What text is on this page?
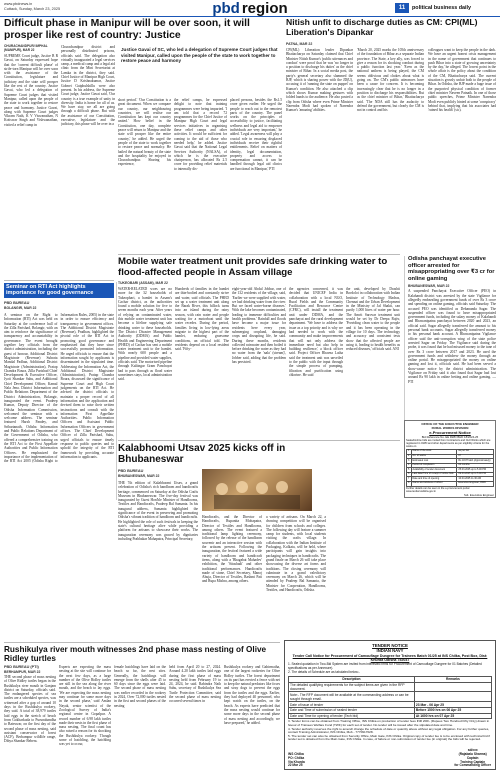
www.pbdnews.in
Cuttack, Sunday, March 23, 2025	pbd region	11	political business daily
Difficult phase in Manipur will be over soon, it will prosper like rest of country: Justice
CHURACHANDPUR/ IMPHAL (MANIPUR), MAR 22
SUPREME Court judge, Justice B R Gavai, on Saturday expressed hope that the 'current difficult phase' of strife-torn Manipur will be over soon with the assistance of the Constitution, legislature and judiciary and the state will prosper like the rest of the country. Justice Gavai, who led a delegation of Supreme Court judges that visited Manipur, called upon the people of the state to work together to restore peace and harmony. Justice Gavai, along with Supreme Court judges Vikram Nath, K V Viswanathan, N Kotiswar Singh and Vishwanathan, visited a relief camp in
Churachandpur district and personally distributed prisons, officials said. The delegation also virtually inaugurated a legal services camp, a medical camp and a legal aid clinic from the Mini Secretariat at Lamka in the district, they said. Chief Justice of Manipur High Court, Justice D Krishnakumar, Justice Golmei Gaiphulshillu were also present. In his address, the Supreme Court judge, Justice Gavai said, 'Our country is a true example of unity in diversity. India is home for all of us. We have stay, we all are going through a difficult phase. But with the assistance of our Constitution, executive, legislature and the judiciary, this phase will be over in a
short period.' 'Our Constitution is a great document. When we compare our country, our neighbouring countries, we will realise our Constitution has kept our country united.' How belief in the Constitution, one day, complete peace will return to Manipur and the state will prosper like the entire country,' he added. He urged the people of the state to work together to restore peace and normalcy. He hailed the natural beauty of the state and the hospitality he enjoyed in Churachandpur. Sharing his experience,
Justice Gavai of SC, who led a delegation of Supreme Court judges that visited Manipur, called upon the people of the state to work together to restore peace and harmony
the relief camps, he expressed delight to note that training programmes were being imparted. 'I am told that a record 72 programmes for the Chief Justice of Manipur High Court and legal services initiatives in organising these relief camps and other activities. It would be sufficient for coming to the aid of those who needed help,' he added. Justice Gavai said that the National Legal Services Authority (NALSA), of which he is the executive chairperson, has allocated Rs 2.5 crore for providing relief materials to internally dis-
placed persons, besides the Rs1.5 crore given earlier. He urged the people to reach out to the remotest parts of the country. The panel works on the principles of accessibility to justice, facilitating wellness and legal aid to empower individuals are very important,' he added. 'Legal awareness will play a crucial role in ensuring displaced individuals receive their rightful entitlements. Relief on matters of identity, legal documentation, property and access to compensation cannot, it can be handled through legal aid clinics are functional in Manipur,' PTI
Seminar on RTI Act highlights importance for good governance
PBD BUREAU
BOLANGIR, MAR 22
A seminar on the Right to Information (RTI) Act was held on Saturday at the conference hall of the Zilla Parishad, Bolangir, with an aim to reinforce the significance of transparency and accountability in governance. The event brought together key officials from the district administration, including the guest of honour, Additional District Magistrate (Revenue) Subrata Mandal Padhan, Additional District Magistrate (Administration), Pratap Chandra Boura, Zilla Parishad Chief Development & Executive Officer, Jyoti Shankar Sahu, and Additional Chief Development Officer, Kamal Nala Jena. District Information and Public Relations Department of the District Administration, Bolangir, inaugurated the event. Pradeep Kumar, Deputy Director of the Odisha Information Commission, welcomed the seminar with a welcome address. The seminar featured Harsh Pandey, and Sribartanath, Odisha Information and Public Relations Department of the Government of Odisha, who offered a comprehensive training on the RTI Act to the First Appellate Authorities and Public Information Officers. He emphasized the importance of the implementation of the RTI Act 2005 (Odisha Right to Information Rules, 2005) in the state in order to ensure efficiency and transparency in government offices. The Additional District Magistrate (Revenue), Pradhan, highlighted the pivotal role of the RTI Act in promoting good governance and emphasised that they have since successfully promoted information. He urged officials to ensure that the information sought by applicants is disseminated in the stipulated time. Addressing the Information Act, the Additional District Magistrate (Administration), Pratap Chandra Boura, discussed the significance of Supreme Court and High Court judgements on the RTI Act. He advised the district officials to maintain a proper record of all information and the application and devised them to raise their written instructions and consult with the information First Appellate Authorities. Public Information Officers and Assistant Public Information Officers in government offices. The Chief Development Officer of Zilla Parishad, Sahu, urged officials to ensure timely response to public queries and to uphold the integrity of the RTI framework by providing accurate information to applicants.
Nitish unfit to discharge duties as CM: CPI(ML) Liberation's Dipankar
PATNA, MAR 22
CPI(ML) Liberation leader Dipankar Bhattacharya on Saturday claimed that Chief Minister Nitish Kumar's 'public utterances and conduct' were proof that he was 'no longer in a position to discharge his duties' as the chief minister of Bihar. In a social media post, the party's general secretary also slammed the BJP, which is sharing power with the JD(U), accusing it of 'running the state on puppet' on Kumar's condition. He also attached a clip which shows Kumar making gestures with folded hands to the audience. He also posted a clip from Odisha where even Prime Minister Narendra Modi had spoken of Narendra Kumar's 'amazing' abilities.
'March 20, 2025 marks the 105th anniversary of the foundation of Bihar as a separate Indian province. The State, a key ally, was forced to give a reason for its shocking conduct during a public function last year.' 'Even as the national anthem is being played, the CM seems oblivious and chokes about what is going on. The CM's public utterances have been a cause for concern. It is becoming increasingly clear that he is no longer in a position to discharge his responsibilities. But as the chief minister of Bihar,' Bhattacharya said. 'The NDA still has the audacity to defend the government, but clearly the CM is not in control and his
colleagues want to keep the people in the dark. We have an urgent honest crisis management in the name of government that continues to push Bihar into a state of growing uncertainty by the day,' he alleged. The lowest point in the whole affair is the policy about the condition of the CM, Bhattacharya said. The current situation is grossly unfair both to the people of Bihar. In Odisha, the BJP made a huge issue of the purported physical condition of former chief minister Naveen Patnaik. In one of those public speeches, Prime Minister Narendra Modi even publicly hinted at some 'conspiracy' behind that, implying that his associates had 'ruined his health' (sic).
Mobile water treatment unit provides safe drinking water to flood-affected people in Assam village
TUKEOBARI (ASSAM), MAR 22
WATER-RELATED woes are no more for the 32 households of Tukeopbari, a hamlet in Assam's Cachar district, as the authorities found a mobile solution for five to seven months each year. After years of relying on contaminated water, this mobile water treatment unit has become a lifeline supplying safe drinking water to these households. The District Disaster Management Authority (DDMA) and Public Health and Engineering Department (PHED) of Cachar has sent a mobile water treatment unit to the hamlet. With nearly 600 people and a pipeline and provided water supplies, officials said. The motorised pipeline through Kaliingar Gram Panchayat had to pass through as flood water sometimes stays, local administration said.
Hundreds of families in the hamlet are thin-bodied and constantly strive and water, said officials. The PHED set up a water treatment unit along the Barak River, this hillock turns into an island during the rainy season, with rain water and people waiting for a motorboat until the water recedes. During the period, families living in low-lying areas migrate to the highest part of the hamlet, enduring gruesome conditions, an official told. The residents depend on a local resident said. 'Fifty-
eight-year-old Abdul Jobbar, one of the 132 residents of the village, said, 'Earlier we were supplied with water, we had drinking water from the river. But we faced water-borne diseases.' With the lake becomes contaminated, leading to immense difficulties and health problems.' Rainfall and floods have become a major issue for residents here every year, submerging cropland, damaging crops and disrupting life, he said. During these months, residents collected rainwater and then boiled it before drinking the water as they had no water from the 'nala' (stream)', Jobber said, adding that the problem has persisted.
the agencies concerned, it was decided that UNICEF India in collaboration with a local NGO, Rural Fields and the Community Facilitation and Resource Centre (CFRC), will install the treatment unit under DDMA, and the panchayat and the rural development department. 'We have to address the issue as a top priority and is why we had needed to work with the community and make improvements that will not only address the immediate need but also help in building resilience,' a block officer said. Project Officer Bhavna Latha said the treatment unit was unveiled to the public with the input through the simple process of pumping, filtration and purification using chlorine. He said
the unit, developed by Drashti Bordoloi in collaboration with Indian Institute of Technology Madras, Chennai and the Urban Development in the Ministry of Jal Shakti, can purify 1,000 litres of water per hour. The Amrit Sarovar treatment unit would be set by Dr Deepa Rajiv, 'Providing clean water to the people and it has been operating in the village for 10 days. The technology and accuracy and consistent tests show that the affected people are using it, leading to health benefits as reduced diseases,' officials said. ANI
Odisha panchayat executive officer arrested for misappropriating over ₹3 cr for online gaming
BHUBANESWAR, MAR 22
A suspended Panchayat Executive Officer (PEO) in Kalahandi district was arrested by the state Vigilance for allegedly embezzling government funds of over Rs 3 crore and spending on online gaming, officials said Saturday. The accused PEO was identified as Debananda Sagar. The suspended officer was found to have misappropriated government funds, including the salary money of Kalahandi and Bhawanipatna panchayat between 2020 and 2023, an official said. Sagar allegedly transferred the amount to his personal bank accounts. Sagar allegedly transferred money to his personal bank account. A Bhawanipatna Vigilance officer said the anti-corruption wing of the state police arrested Sagar on Friday. The Vigilance said during the probe, it was found that he had misused money to the tune of over Rs 3 crore between 2017 and 2023. He used the government funds and withdrew the money through an online portal. He misappropriated the money on online gaming and lost it, officials said. He had been served a show-cause notice by the district administration. The Vigilance on Friday said it also found that Sagar had lost around Rs 90 lakh in online betting and online gaming. — PTI
OFFICE OF THE EXECUTIVE ENGINEER
RURAL WORKS DIVISION
e-Procurement Notice
Bid Reference No. EE RWD BHD 18/2024-25
Sealed/online bids are invited from Contractors and Civil Works which are registered in OWD and other departments as per eligibility criteria for the works on
1	Name of the work	as per bid
2	No. of works	07
3	Estimated cost	Rs 18.87 lakh (Approximately)
4	Period of completion	03 months
5	Availability of tender document	25.03.2025 up to 5.00 PM
6	Last date/Time of receipt of online bids	09.04.2025 up to 5.00 PM
7	Date and time of opening	10.04.2025 11.30 AM
8	Name and Address of officer	Executive Engineer, RWD
Further details can be seen in the e-procurement portal www.tendersodisha.gov.in
Sd/- Executive Engineer
Kalabhoomi Utsav 2025 kicks off in Bhubaneswar
PBD BUREAU
BHUBANESWAR, MAR 22
THE 7th edition of Kalabhoomi Utsav, a grand celebration of Odisha's rich handloom and handicrafts heritage, commenced on Saturday at the Odisha Crafts Museum in Bhubaneswar. The five-day festival was inaugurated by Guest Hon'ble Minister of Handlooms, Textiles and Handicrafts, Pradeep Bal Samanta. In his inaugural address, Samanta highlighted the significance of the event in preserving and promoting Odisha's vibrant tradition of handloom and handicrafts. He highlighted the role of such festivals in keeping the state's cultural heritage alive while providing a platform for artisans to showcase their works. The inauguration ceremony was graced by dignitaries including Prabhakar Mahapatra, Principal Secretary,
Handicrafts, and the Director of Handicrafts, Rupanita Mohapatra, Director of Textiles and Handlooms, among others. The event featured a traditional lamp lighting ceremony, followed by the release of the handloom souvenir and an interactive session with the artisans present. Following the inauguration, the festival featured a wide variety of handloom and handicraft items, along with a 'Bhagabat Mahadev' exhibition, the 'Sitashadi' and other traditional performances. Handicrafts made of stone, Chief Secretary, Manoj Ahuja, Director of Textiles, Rashmi Pati and Rupa Mishra, among others.
a variety of artisans. On March 22, a drawing competition will be organised for children from schools and colleges. The following day will feature a summer camp for students, with local students visiting the crafts village. In collaboration with the Indian Institute of Packaging, Kolkata, will be held, where participants will gain insights into packaging techniques in handicrafts. The grand finale on March 26 will take place showcasing the diverse art forms and traditions. The closing ceremony will culminate in a grand valedictory ceremony on March 26, which will be attended by Pradeep Bal Samanta, the Minister for Cooperation, Handlooms, Textiles, and Handicrafts, Odisha.
Rushikulya river mouth witnesses 2nd phase mass nesting of Olive Ridley turtles
PBD BUREAU (PTI)
BERHAMPUR, MAR 22
THE second phase of mass nesting of Olive Ridley turtles began in the Rushikulya river mouth in Ganjam district on Saturday, officials said. The endangered species of sea turtles are a scheduled species, was witnessed after a gap of around 10 days in the Rushikulya rookery, they said. A total of 38,979 turtles laid eggs in the stretch of beach from Gokharkuda to Purunabandha to Bateswar, on the first day of the second phase of mass nesting, said assistant conservator of forest (ACF), Berhampur wildlife range, Dibya Shankar Behera.
Experts are expecting the mass nesting at the site will continue for the next few days, as a large number of the Olive Ridley turtles are still in the sea along the river mouth, and the beach to lay eggs. 'We are expecting the mass nesting may continue for some more days in the second phase,' said Amlan Nayak, senior scientist of the Zoological Survey of India's regional centre in Gopalpur. A record number of 6.98 lakh turtles made their nests in the first phase of mass nesting. The final count has also raised a reason for its shocking the Rushikulya rookery. Though some of hatchling, the hatchling was yet to occur,
female hatchlings have laid on the beach so far, the nest sites. Generally, the hatchlings will emerge from the shells after 45 to 60 days since the eggs were laid. The second phase of mass nesting was earlier recorded in the rookery in 2024, Over 72,000 turtles nested in the first and second phases of the nesting
held from April 20 to 27, 2024. Around 4.20 lakh turtles laid eggs during the first phase of mass nesting held from February 19 to 24, 2024, he said. Rabindra Nath Sahu, secretary of Rushikulya Sea Turtle Protection Committee, said the second phase of mass nesting occurred several times in
Rushikulya rookery and Gahirmatha, one of the largest rookeries for Olive Ridley turtles. The forest department on its part has erected a fence with net to keep the natural predators like foxes and stray dogs to prevent the eggs from the turtles and the eggs. Earlier, they had deployed 40 personnel, who kept watch on the turtles, on the beach. As experts have predicted that the mass nesting would continue for some more days in the second phase of mass nesting and accordingly, we have prepared,' he added.
TENDER NOTICE
INDIAN NAVY
Tender Call Notice for Procurement of Camouflage Dungree for Trainees Batch 01/25 at INS Chilka, Post Box, Dist: Khurda Odisha 752037
1. Sealed quotation in Two-Bid System are invited from interested firms for Procurement of Camouflage Dungree for 01 Batches (Detailed specifications as per Annexure).
2. The details of Schedule are as tabulated below:-
Description	Remarks
The detailed qualifying requirements for the subject items are given in the RFP document.	
Note:- The RFP document will be available at the commanding address or can be sought through email.	
Date of issue of tender	23 Mar - 06 Apr 25
Date and Time of submission of sealed tender	Before 1500 hrs on 06 Apr 25
Date and Time for opening of tender (Tech bid)	At 1600 hrs on 07 Apr 25
3. Tender forms can be obtained from Training Office, INS Chilka on production of tender fees INR 200/- (Rupees Two Hundred Fifty Only) drawn in favour of Trainees Welfare Fund (TWF) for each set of tender. No tender will be issued after the stipulated date and time.
4. Tender authority reserves the right to amend/ change the schedule of date or quantity above without any legal obligation. For any further queries, contact Training Administrator, INS Chilka, Mob - 7770917028.
5. The tender set can also be obtained from Security Office, Main Gate, INS Chilka. Original copy of tender fee is to be enclosed with technical bid if tender set is obtained from the Main Gate, INS Chilka. In case, of failure or non-submission of tender fee (in original) the bids will be rejected.
INS Chilka
PO: Chilka
Via Khurda
22 Mar 25
sd/xxx
(Rajabalu Sharma)
Captain
Training Captain
for Commanding Officer
